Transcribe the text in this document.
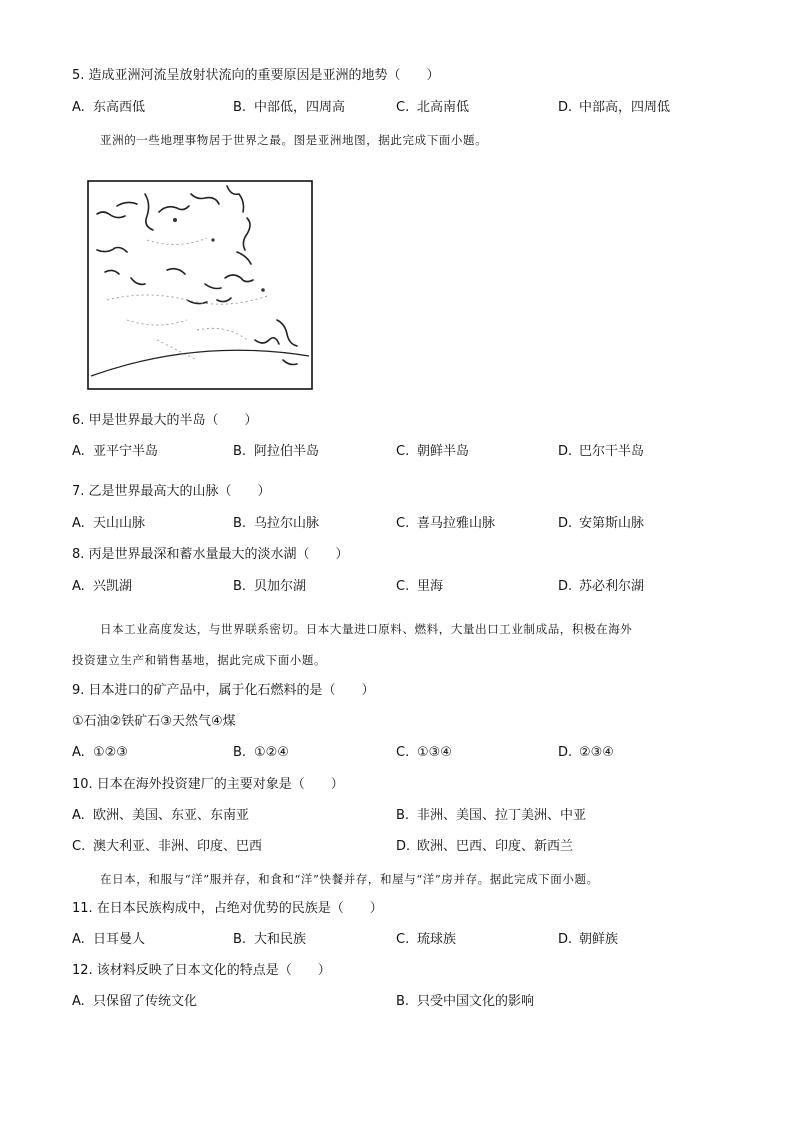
5. 造成亚洲河流呈放射状流向的重要原因是亚洲的地势（　　）
A. 东高西低	B. 中部低，四周高	C. 北高南低	D. 中部高，四周低
亚洲的一些地理事物居于世界之最。图是亚洲地图，据此完成下面小题。
6. 甲是世界最大的半岛（　　）
A. 亚平宁半岛	B. 阿拉伯半岛	C. 朝鲜半岛	D. 巴尔干半岛
7. 乙是世界最高大的山脉（　　）
A. 天山山脉	B. 乌拉尔山脉	C. 喜马拉雅山脉	D. 安第斯山脉
8. 丙是世界最深和蓄水量最大的淡水湖（　　）
A. 兴凯湖	B. 贝加尔湖	C. 里海	D. 苏必利尔湖
日本工业高度发达，与世界联系密切。日本大量进口原料、燃料，大量出口工业制成品，积极在海外
投资建立生产和销售基地，据此完成下面小题。
9. 日本进口的矿产品中，属于化石燃料的是（　　）
①石油②铁矿石③天然气④煤
A. ①②③	B. ①②④	C. ①③④	D. ②③④
10. 日本在海外投资建厂的主要对象是（　　）
A. 欧洲、美国、东亚、东南亚	B. 非洲、美国、拉丁美洲、中亚
C. 澳大利亚、非洲、印度、巴西	D. 欧洲、巴西、印度、新西兰
在日本，和服与“洋”服并存，和食和“洋”快餐并存，和屋与“洋”房并存。据此完成下面小题。
11. 在日本民族构成中，占绝对优势的民族是（　　）
A. 日耳曼人	B. 大和民族	C. 琉球族	D. 朝鲜族
12. 该材料反映了日本文化的特点是（　　）
A. 只保留了传统文化	B. 只受中国文化的影响
